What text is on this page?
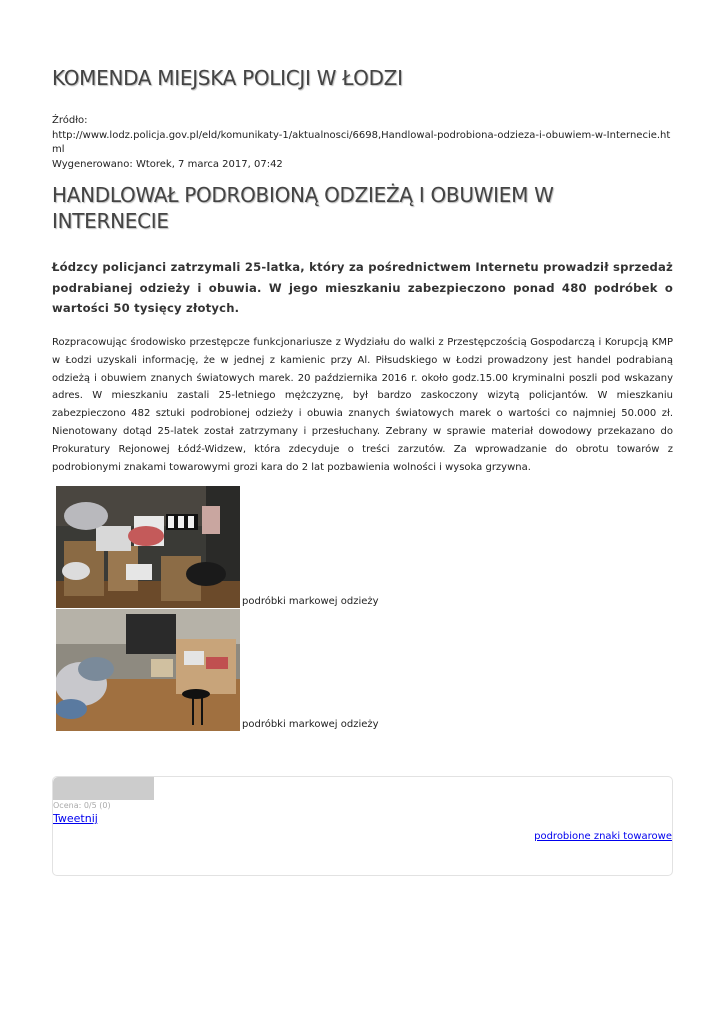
KOMENDA MIEJSKA POLICJI W ŁODZI
Źródło:
http://www.lodz.policja.gov.pl/eld/komunikaty-1/aktualnosci/6698,Handlowal-podrobiona-odzieza-i-obuwiem-w-Internecie.html
Wygenerowano: Wtorek, 7 marca 2017, 07:42
HANDLOWAŁ PODROBIONĄ ODZIEŻĄ I OBUWIEM W INTERNECIE

Łódzcy policjanci zatrzymali 25-latka, który za pośrednictwem Internetu prowadził sprzedaż podrabianej odzieży i obuwia. W jego mieszkaniu zabezpieczono ponad 480 podróbek o wartości 50 tysięcy złotych.

Rozpracowując środowisko przestępcze funkcjonariusze z Wydziału do walki z Przestępczością Gospodarczą i Korupcją KMP w Łodzi uzyskali informację, że w jednej z kamienic przy Al. Piłsudskiego w Łodzi prowadzony jest handel podrabianą odzieżą i obuwiem znanych światowych marek. 20 października 2016 r. około godz.15.00 kryminalni poszli pod wskazany adres. W mieszkaniu zastali 25-letniego mężczyznę, był bardzo zaskoczony wizytą policjantów. W mieszkaniu zabezpieczono 482 sztuki podrobionej odzieży i obuwia znanych światowych marek o wartości co najmniej 50.000 zł. Nienotowany dotąd 25-latek został zatrzymany i przesłuchany. Zebrany w sprawie materiał dowodowy przekazano do Prokuratury Rejonowej Łódź-Widzew, która zdecyduje o treści zarzutów. Za wprowadzanie do obrotu towarów z podrobionymi znakami towarowymi grozi kara do 2 lat pozbawienia wolności i wysoka grzywna.

podróbki markowej odzieży
podróbki markowej odzieży
Ocena: 0/5 (0)
Tweetnij
podrobione znaki towarowe
